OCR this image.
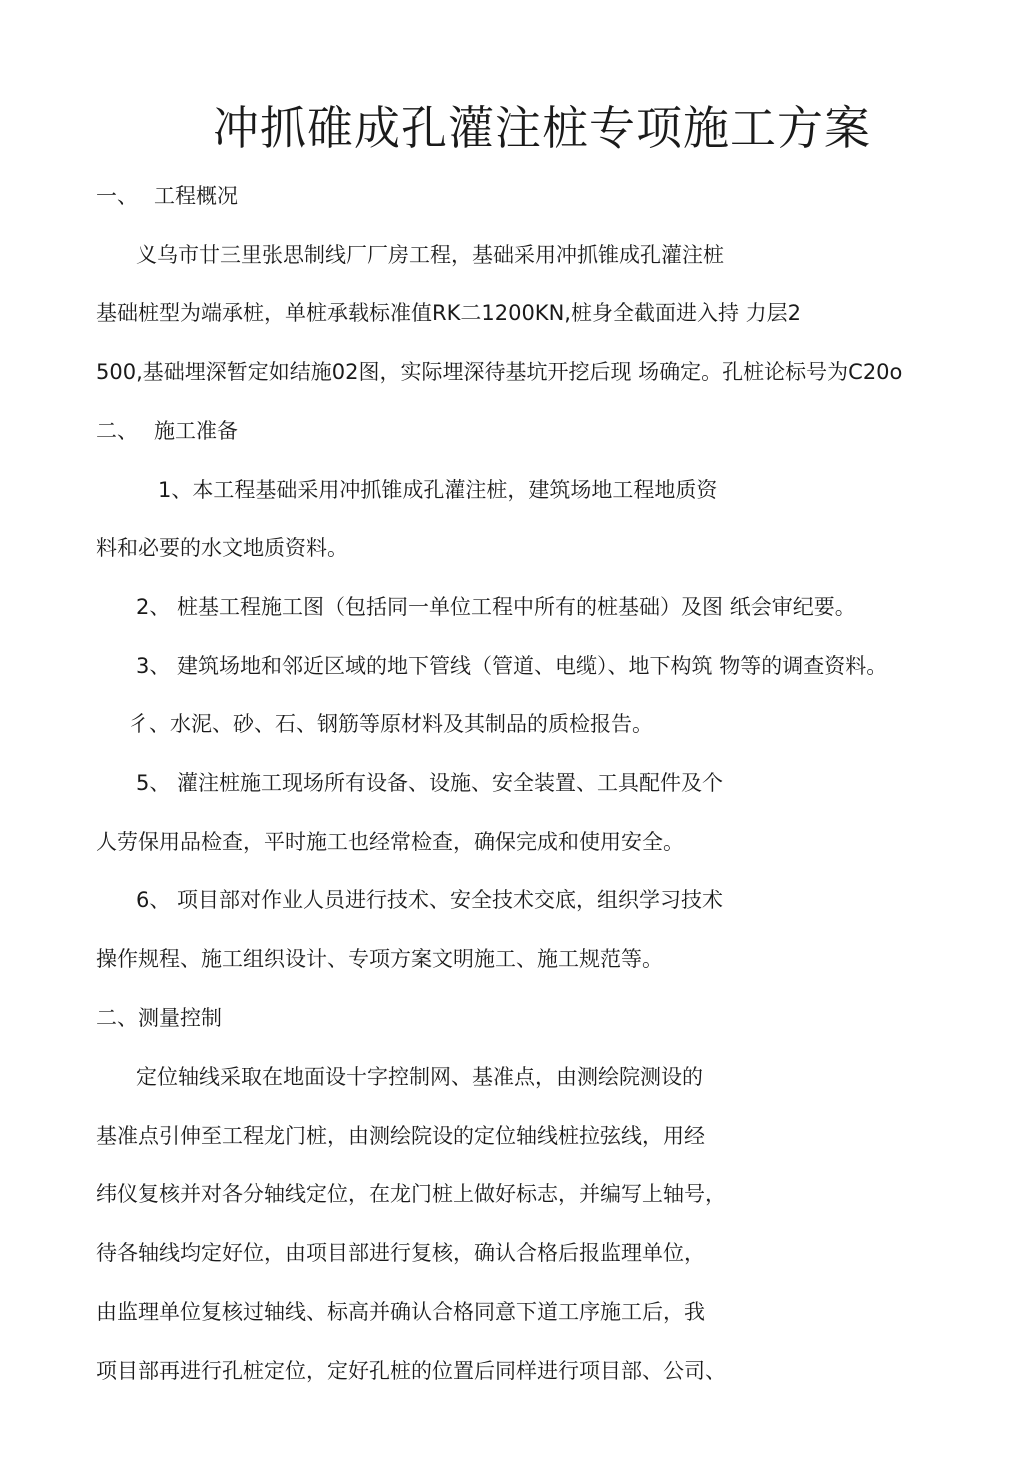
冲抓碓成孔灌注桩专项施工方案
一、 工程概况
义乌市廿三里张思制线厂厂房工程，基础采用冲抓锥成孔灌注桩
基础桩型为端承桩，单桩承载标准值RK二1200KN,桩身全截面进入持 力层2
500,基础埋深暂定如结施02图，实际埋深待基坑开挖后现 场确定。孔桩论标号为C20o
二、 施工准备
1、本工程基础采用冲抓锥成孔灌注桩，建筑场地工程地质资
料和必要的水文地质资料。
2、 桩基工程施工图（包括同一单位工程中所有的桩基础）及图 纸会审纪要。
3、 建筑场地和邻近区域的地下管线（管道、电缆）、地下构筑 物等的调查资料。
彳、水泥、砂、石、钢筋等原材料及其制品的质检报告。
5、 灌注桩施工现场所有设备、设施、安全装置、工具配件及个
人劳保用品检查，平时施工也经常检查，确保完成和使用安全。
6、 项目部对作业人员进行技术、安全技术交底，组织学习技术
操作规程、施工组织设计、专项方案文明施工、施工规范等。
二、测量控制
定位轴线采取在地面设十字控制网、基准点，由测绘院测设的
基准点引伸至工程龙门桩，由测绘院设的定位轴线桩拉弦线，用经
纬仪复核并对各分轴线定位，在龙门桩上做好标志，并编写上轴号，
待各轴线均定好位，由项目部进行复核，确认合格后报监理单位，
由监理单位复核过轴线、标高并确认合格同意下道工序施工后，我
项目部再进行孔桩定位，定好孔桩的位置后同样进行项目部、公司、
